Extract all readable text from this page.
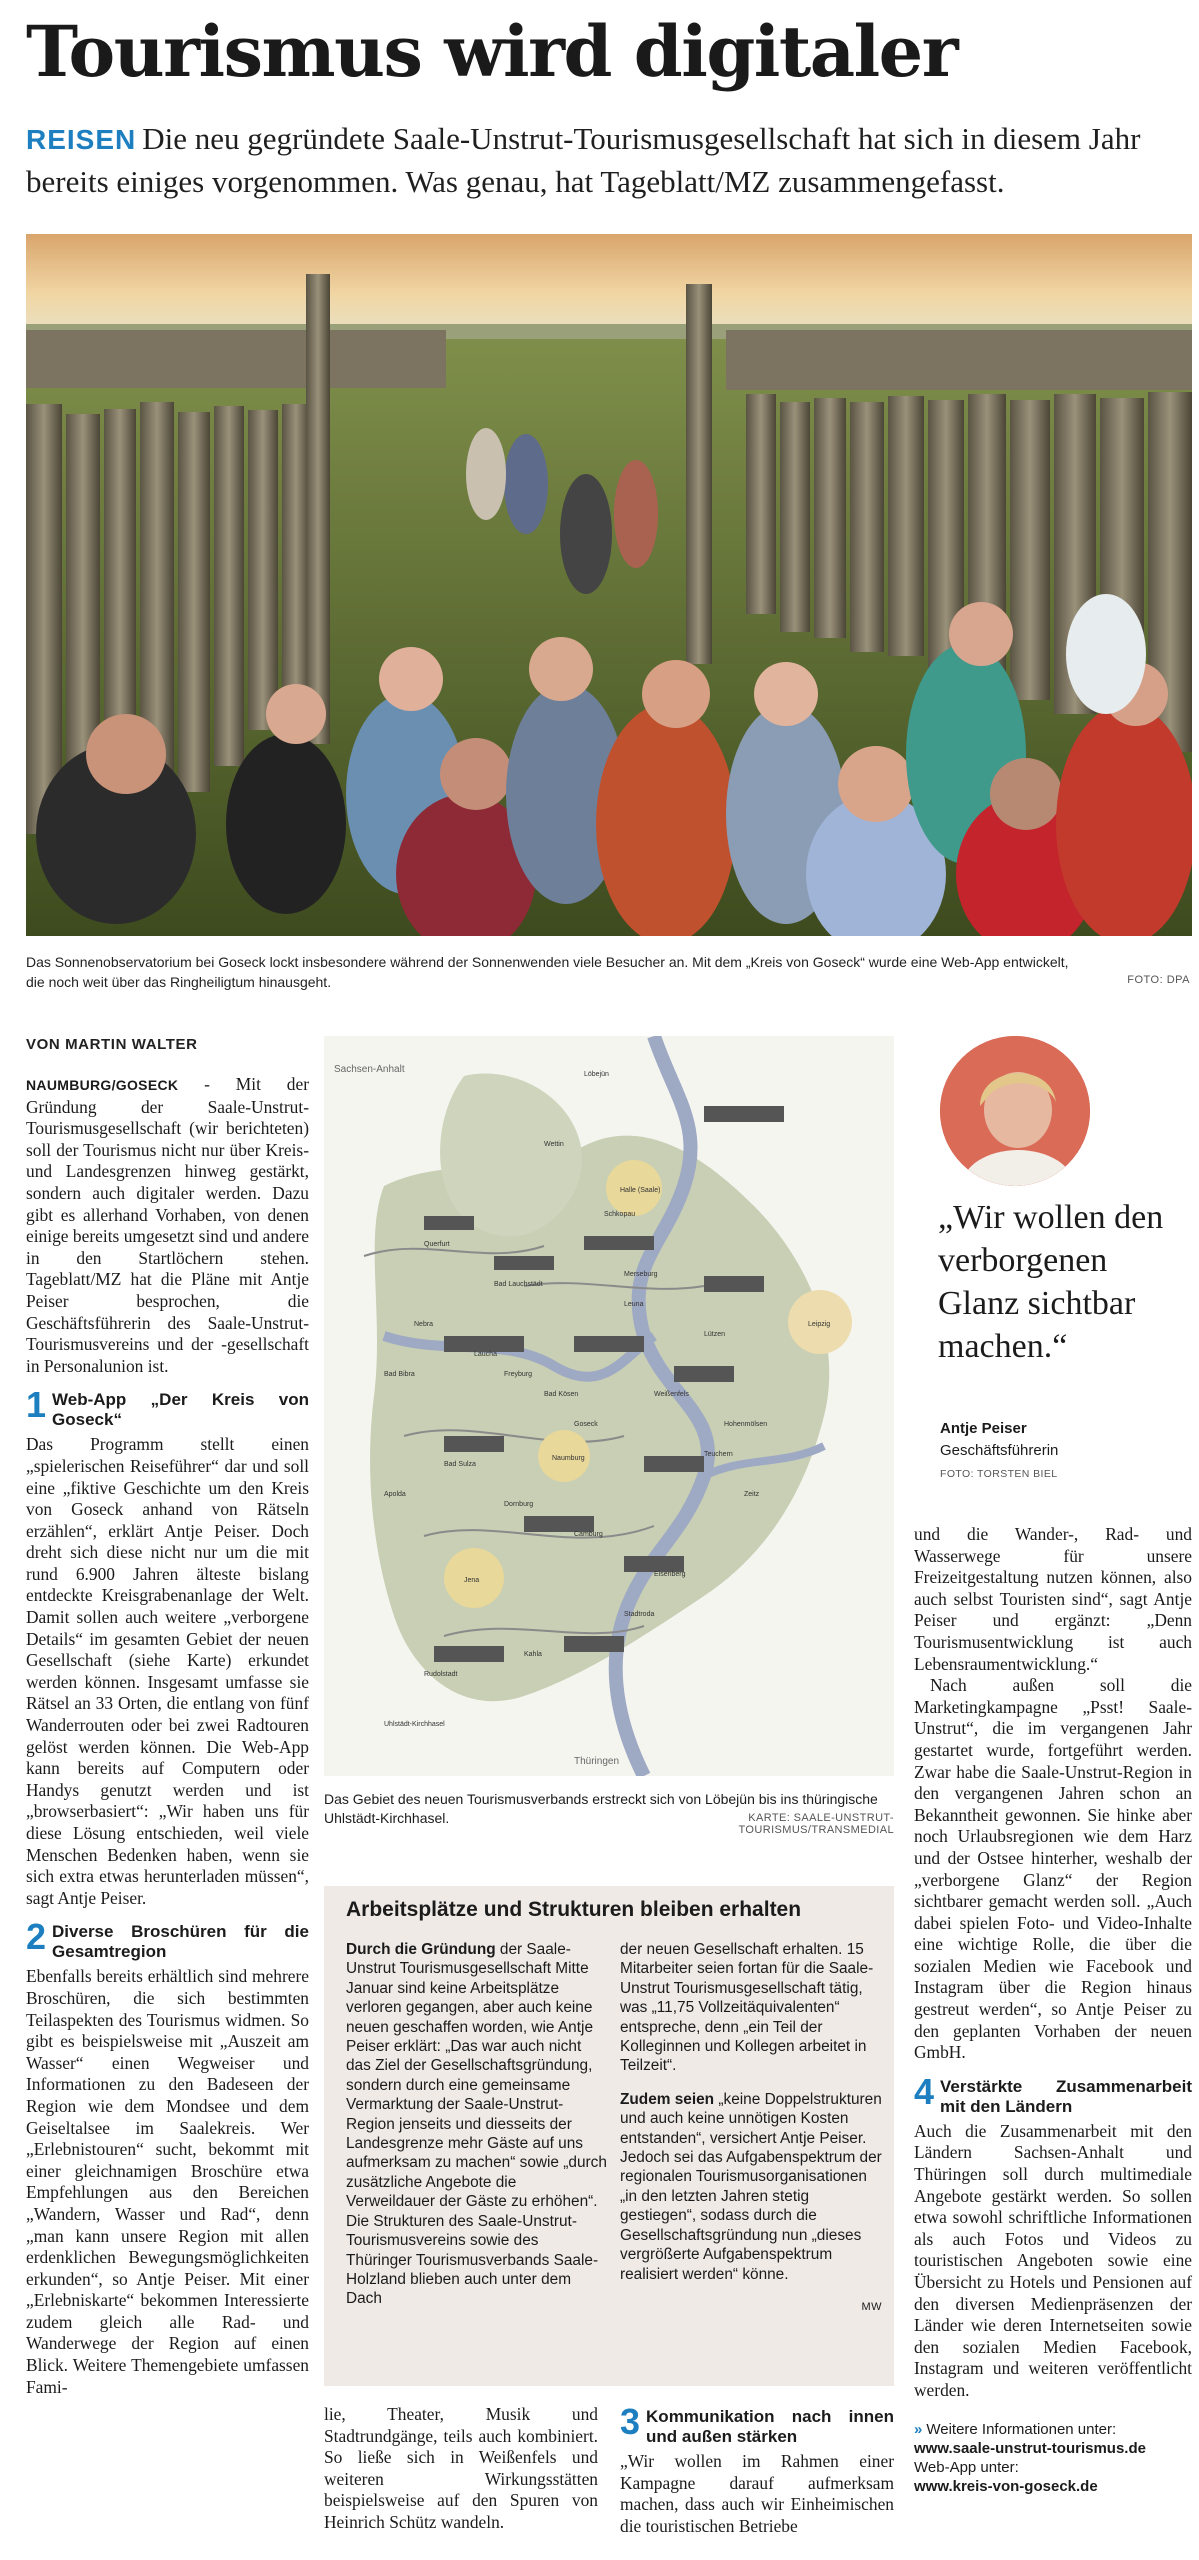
Tourismus wird digitaler
REISEN Die neu gegründete Saale-Unstrut-Tourismusgesellschaft hat sich in diesem Jahr bereits einiges vorgenommen. Was genau, hat Tageblatt/MZ zusammengefasst.
Das Sonnenobservatorium bei Goseck lockt insbesondere während der Sonnenwenden viele Besucher an. Mit dem „Kreis von Goseck“ wurde eine Web-App entwickelt, die noch weit über das Ringheiligtum hinausgeht.	FOTO: DPA
VON MARTIN WALTER

NAUMBURG/GOSECK - Mit der Gründung der Saale-Unstrut-Tourismusgesellschaft (wir berichteten) soll der Tourismus nicht nur über Kreis- und Landesgrenzen hinweg gestärkt, sondern auch digitaler werden. Dazu gibt es allerhand Vorhaben, von denen einige bereits umgesetzt sind und andere in den Startlöchern stehen. Tageblatt/MZ hat die Pläne mit Antje Peiser besprochen, die Geschäftsführerin des Saale-Unstrut-Tourismusvereins und der -gesellschaft in Personalunion ist.

1 Web-App „Der Kreis von Goseck“

Das Programm stellt einen „spielerischen Reiseführer“ dar und soll eine „fiktive Geschichte um den Kreis von Goseck anhand von Rätseln erzählen“, erklärt Antje Peiser. Doch dreht sich diese nicht nur um die mit rund 6.900 Jahren älteste bislang entdeckte Kreisgrabenanlage der Welt. Damit sollen auch weitere „verborgene Details“ im gesamten Gebiet der neuen Gesellschaft (siehe Karte) erkundet werden können. Insgesamt umfasse sie Rätsel an 33 Orten, die entlang von fünf Wanderrouten oder bei zwei Radtouren gelöst werden können. Die Web-App kann bereits auf Computern oder Handys genutzt werden und ist „browserbasiert“: „Wir haben uns für diese Lösung entschieden, weil viele Menschen Bedenken haben, wenn sie sich extra etwas herunterladen müssen“, sagt Antje Peiser.

2 Diverse Broschüren für die Gesamtregion

Ebenfalls bereits erhältlich sind mehrere Broschüren, die sich bestimmten Teilaspekten des Tourismus widmen. So gibt es beispielsweise mit „Auszeit am Wasser“ einen Wegweiser und Informationen zu den Badeseen der Region wie dem Mondsee und dem Geiseltalsee im Saalekreis. Wer „Erlebnistouren“ sucht, bekommt mit einer gleichnamigen Broschüre etwa Empfehlungen aus den Bereichen „Wandern, Wasser und Rad“, denn „man kann unsere Region mit allen erdenklichen Bewegungsmöglichkeiten erkunden“, so Antje Peiser. Mit einer „Erlebniskarte“ bekommen Interessierte zudem gleich alle Rad- und Wanderwege der Region auf einen Blick. Weitere Themengebiete umfassen Fami-

Sachsen-Anhalt
Thüringen
Halle (Saale)
Querfurt
Bad Lauchstädt
Merseburg
Leipzig
Weißenfels
Naumburg
Zeitz
Jena
Eisenberg
Freyburg
Bad Sulza
Bad Kösen
Apolda
Dornburg
Camburg
Stadtroda
Kahla
Rudolstadt
Nebra
Laucha
Bad Bibra
Leuna
Lützen
Hohenmölsen
Teuchern
Goseck
Schkopau
Wettin
Löbejün
Uhlstädt-Kirchhasel
Das Gebiet des neuen Tourismusverbands erstreckt sich von Löbejün bis ins thüringische Uhlstädt-Kirchhasel.	KARTE: SAALE-UNSTRUT-TOURISMUS/TRANSMEDIAL
„Wir wollen den verborgenen Glanz sichtbar machen.“
Antje Peiser
Geschäftsführerin
FOTO: TORSTEN BIEL
Arbeitsplätze und Strukturen bleiben erhalten

Durch die Gründung der Saale-Unstrut Tourismusgesellschaft Mitte Januar sind keine Arbeitsplätze verloren gegangen, aber auch keine neuen geschaffen worden, wie Antje Peiser erklärt: „Das war auch nicht das Ziel der Gesellschaftsgründung, sondern durch eine gemeinsame Vermarktung der Saale-Unstrut-Region jenseits und diesseits der Landesgrenze mehr Gäste auf uns aufmerksam zu machen“ sowie „durch zusätzliche Angebote die Verweildauer der Gäste zu erhöhen“. Die Strukturen des Saale-Unstrut-Tourismusvereins sowie des Thüringer Tourismusverbands Saale-Holzland blieben auch unter dem Dach

der neuen Gesellschaft erhalten. 15 Mitarbeiter seien fortan für die Saale-Unstrut Tourismusgesellschaft tätig, was „11,75 Vollzeitäquivalenten“ entspreche, denn „ein Teil der Kolleginnen und Kollegen arbeitet in Teilzeit“.

Zudem seien „keine Doppelstrukturen und auch keine unnötigen Kosten entstanden“, versichert Antje Peiser. Jedoch sei das Aufgabenspektrum der regionalen Tourismusorganisationen „in den letzten Jahren stetig gestiegen“, sodass durch die Gesellschaftsgründung nun „dieses vergrößerte Aufgabenspektrum realisiert werden“ könne.

MW

lie, Theater, Musik und Stadtrundgänge, teils auch kombiniert. So ließe sich in Weißenfels und weiteren Wirkungsstätten beispielsweise auf den Spuren von Heinrich Schütz wandeln.

3 Kommunikation nach innen und außen stärken

„Wir wollen im Rahmen einer Kampagne darauf aufmerksam machen, dass auch wir Einheimischen die touristischen Betriebe

und die Wander-, Rad- und Wasserwege für unsere Freizeitgestaltung nutzen können, also auch selbst Touristen sind“, sagt Antje Peiser und ergänzt: „Denn Tourismusentwicklung ist auch Lebensraumentwicklung.“

Nach außen soll die Marketingkampagne „Psst! Saale-Unstrut“, die im vergangenen Jahr gestartet wurde, fortgeführt werden. Zwar habe die Saale-Unstrut-Region in den vergangenen Jahren schon an Bekanntheit gewonnen. Sie hinke aber noch Urlaubsregionen wie dem Harz und der Ostsee hinterher, weshalb der „verborgene Glanz“ der Region sichtbarer gemacht werden soll. „Auch dabei spielen Foto- und Video-Inhalte eine wichtige Rolle, die über die sozialen Medien wie Facebook und Instagram über die Region hinaus gestreut werden“, so Antje Peiser zu den geplanten Vorhaben der neuen GmbH.

4 Verstärkte Zusammenarbeit mit den Ländern

Auch die Zusammenarbeit mit den Ländern Sachsen-Anhalt und Thüringen soll durch multimediale Angebote gestärkt werden. So sollen etwa sowohl schriftliche Informationen als auch Fotos und Videos zu touristischen Angeboten sowie eine Übersicht zu Hotels und Pensionen auf den diversen Medienpräsenzen der Länder wie deren Internetseiten sowie den sozialen Medien Facebook, Instagram und weiteren veröffentlicht werden.

» Weitere Informationen unter:
www.saale-unstrut-tourismus.de
Web-App unter:
www.kreis-von-goseck.de
